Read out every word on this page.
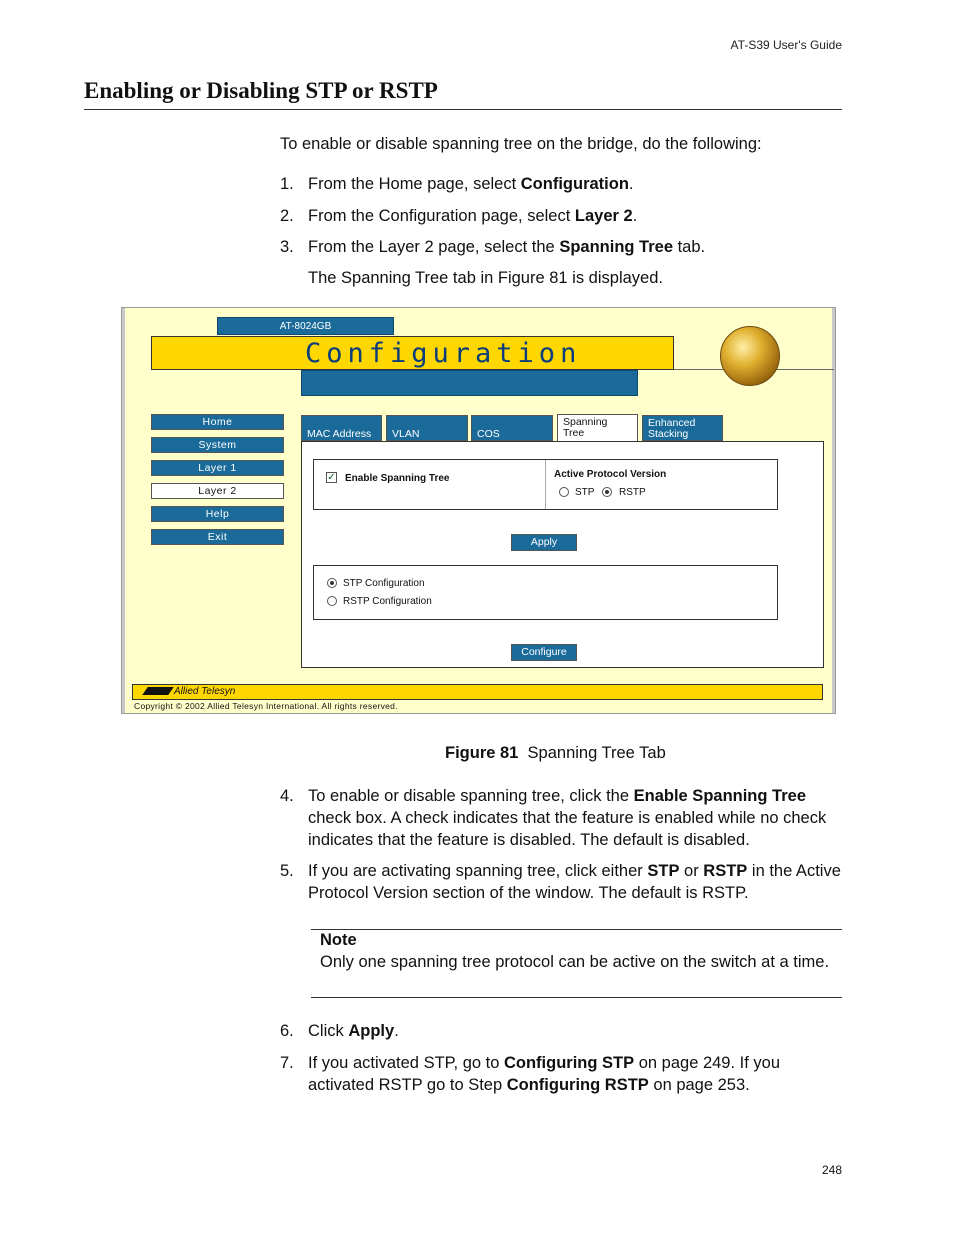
AT-S39 User's Guide
Enabling or Disabling STP or RSTP

To enable or disable spanning tree on the bridge, do the following:

1. From the Home page, select Configuration.
2. From the Configuration page, select Layer 2.
3. From the Layer 2 page, select the Spanning Tree tab.

The Spanning Tree tab in Figure 81 is displayed.

AT-8024GB
Configuration
Home
System
Layer 1
Layer 2
Help
Exit
MAC Address	VLAN	COS
Spanning
Tree
Enhanced
Stacking
✓ Enable Spanning Tree	Active Protocol Version
STP RSTP
Apply
STP Configuration
RSTP Configuration
Configure
Allied Telesyn
Copyright © 2002 Allied Telesyn International. All rights reserved.
Figure 81 Spanning Tree Tab
4. To enable or disable spanning tree, click the Enable Spanning Tree check box. A check indicates that the feature is enabled while no check indicates that the feature is disabled. The default is disabled.
5. If you are activating spanning tree, click either STP or RSTP in the Active Protocol Version section of the window. The default is RSTP.
Note
Only one spanning tree protocol can be active on the switch at a time.
6. Click Apply.
7. If you activated STP, go to Configuring STP on page 249. If you activated RSTP go to Step Configuring RSTP on page 253.
248
